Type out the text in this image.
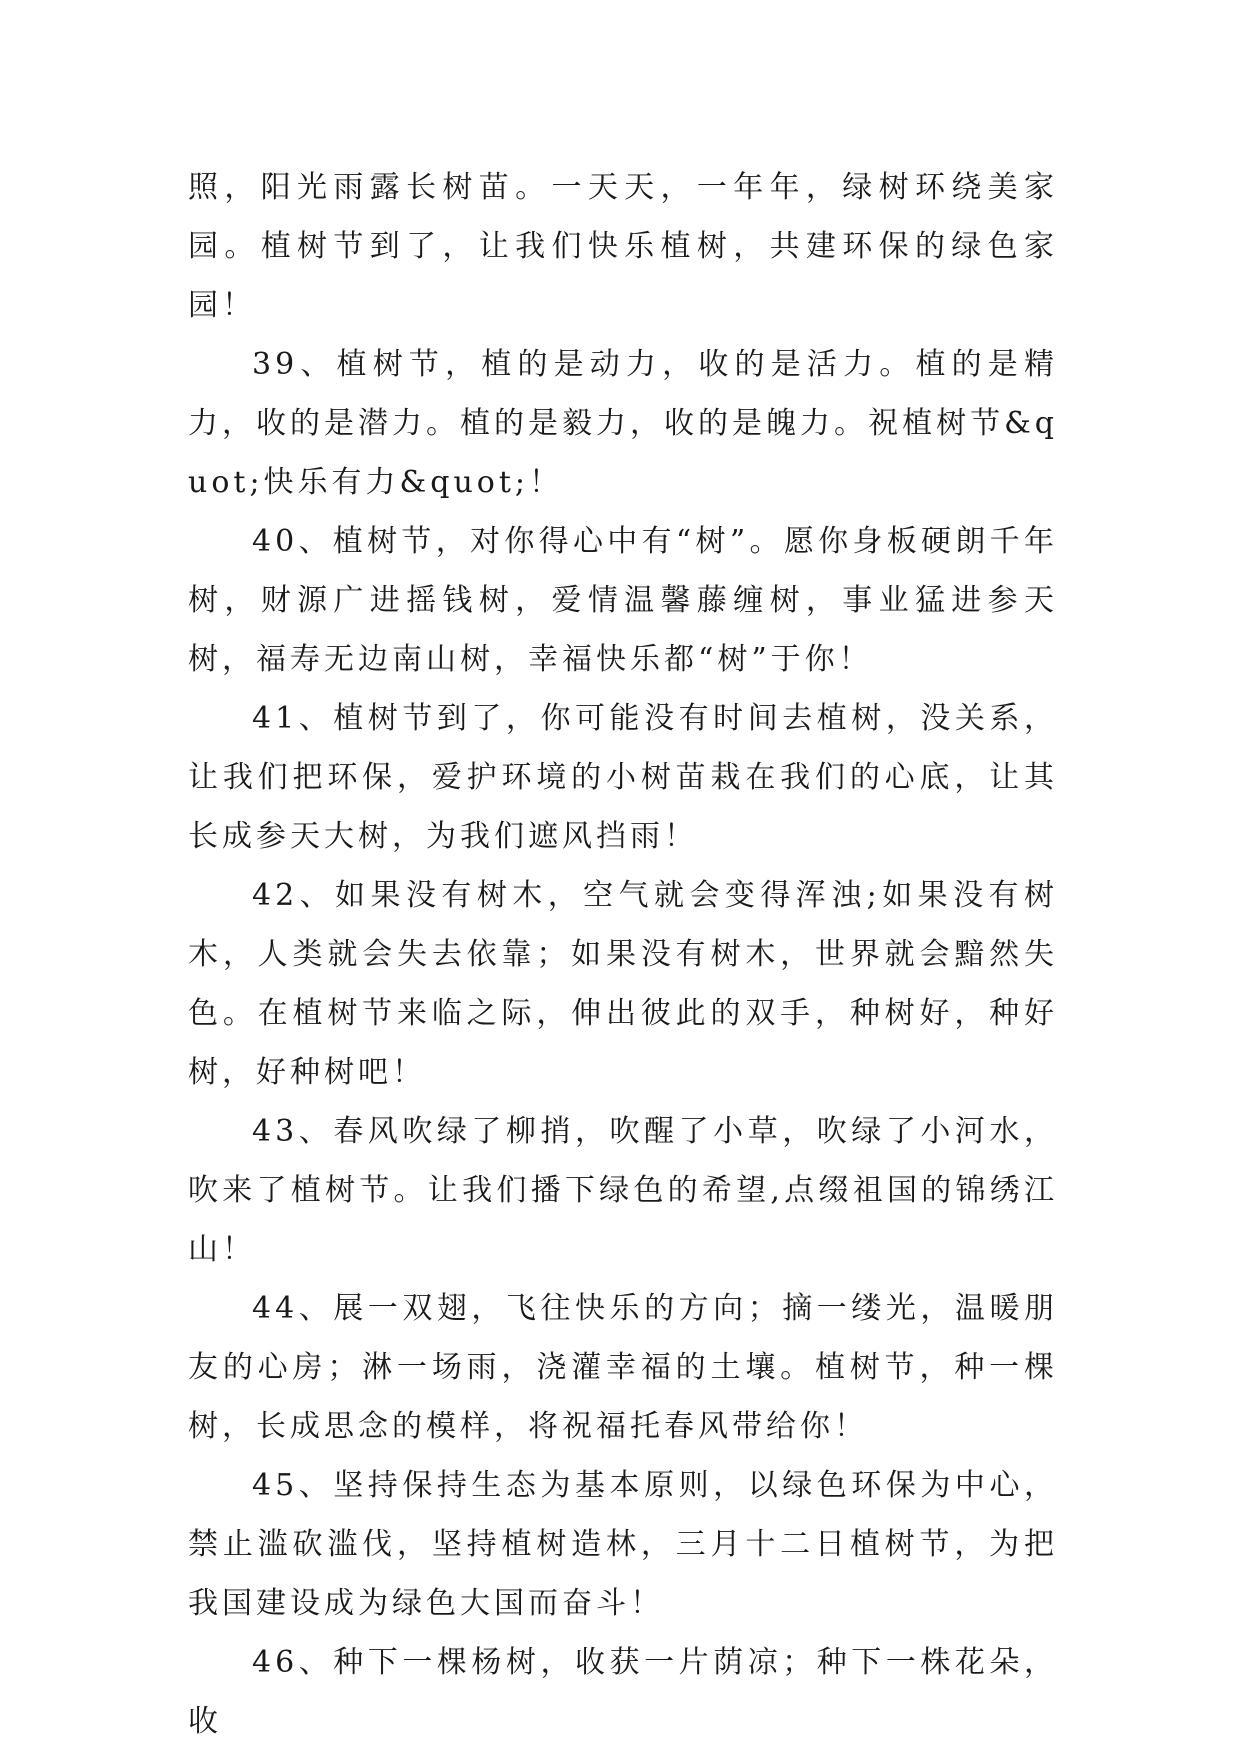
照，阳光雨露长树苗。一天天，一年年，绿树环绕美家园。植树节到了，让我们快乐植树，共建环保的绿色家园！

39、植树节，植的是动力，收的是活力。植的是精力，收的是潜力。植的是毅力，收的是魄力。祝植树节&quot;快乐有力&quot;！

40、植树节，对你得心中有“树”。愿你身板硬朗千年树，财源广进摇钱树，爱情温馨藤缠树，事业猛进参天树，福寿无边南山树，幸福快乐都“树”于你！

41、植树节到了，你可能没有时间去植树，没关系，让我们把环保，爱护环境的小树苗栽在我们的心底，让其长成参天大树，为我们遮风挡雨！

42、如果没有树木，空气就会变得浑浊;如果没有树木，人类就会失去依靠；如果没有树木，世界就会黯然失色。在植树节来临之际，伸出彼此的双手，种树好，种好树，好种树吧！

43、春风吹绿了柳捎，吹醒了小草，吹绿了小河水，吹来了植树节。让我们播下绿色的希望,点缀祖国的锦绣江山！

44、展一双翅，飞往快乐的方向；摘一缕光，温暖朋友的心房；淋一场雨，浇灌幸福的土壤。植树节，种一棵树，长成思念的模样，将祝福托春风带给你！

45、坚持保持生态为基本原则，以绿色环保为中心，禁止滥砍滥伐，坚持植树造林，三月十二日植树节，为把我国建设成为绿色大国而奋斗！

46、种下一棵杨树，收获一片荫凉；种下一株花朵，收
